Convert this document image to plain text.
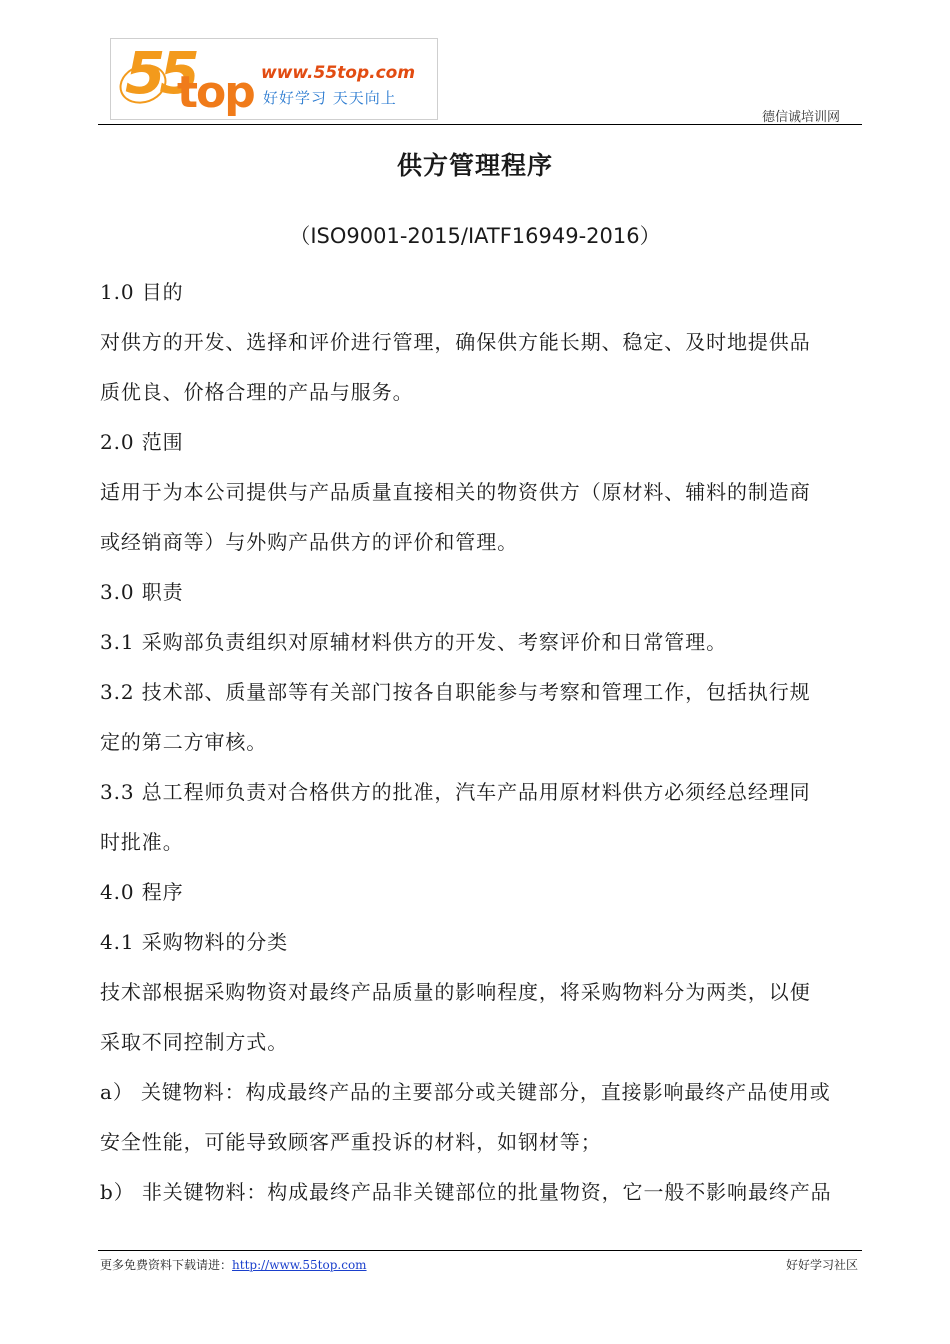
55
top www.55top.com
好好学习 天天向上
德信诚培训网
供方管理程序
（ISO9001-2015/IATF16949-2016）
1.0 目的
对供方的开发、选择和评价进行管理，确保供方能长期、稳定、及时地提供品
质优良、价格合理的产品与服务。
2.0 范围
适用于为本公司提供与产品质量直接相关的物资供方（原材料、辅料的制造商
或经销商等）与外购产品供方的评价和管理。
3.0 职责
3.1 采购部负责组织对原辅材料供方的开发、考察评价和日常管理。
3.2 技术部、质量部等有关部门按各自职能参与考察和管理工作，包括执行规
定的第二方审核。
3.3 总工程师负责对合格供方的批准，汽车产品用原材料供方必须经总经理同
时批准。
4.0 程序
4.1 采购物料的分类
技术部根据采购物资对最终产品质量的影响程度，将采购物料分为两类，以便
采取不同控制方式。
a） 关键物料：构成最终产品的主要部分或关键部分，直接影响最终产品使用或
安全性能，可能导致顾客严重投诉的材料，如钢材等；
b） 非关键物料：构成最终产品非关键部位的批量物资，它一般不影响最终产品
更多免费资料下载请进：http://www.55top.com	好好学习社区
